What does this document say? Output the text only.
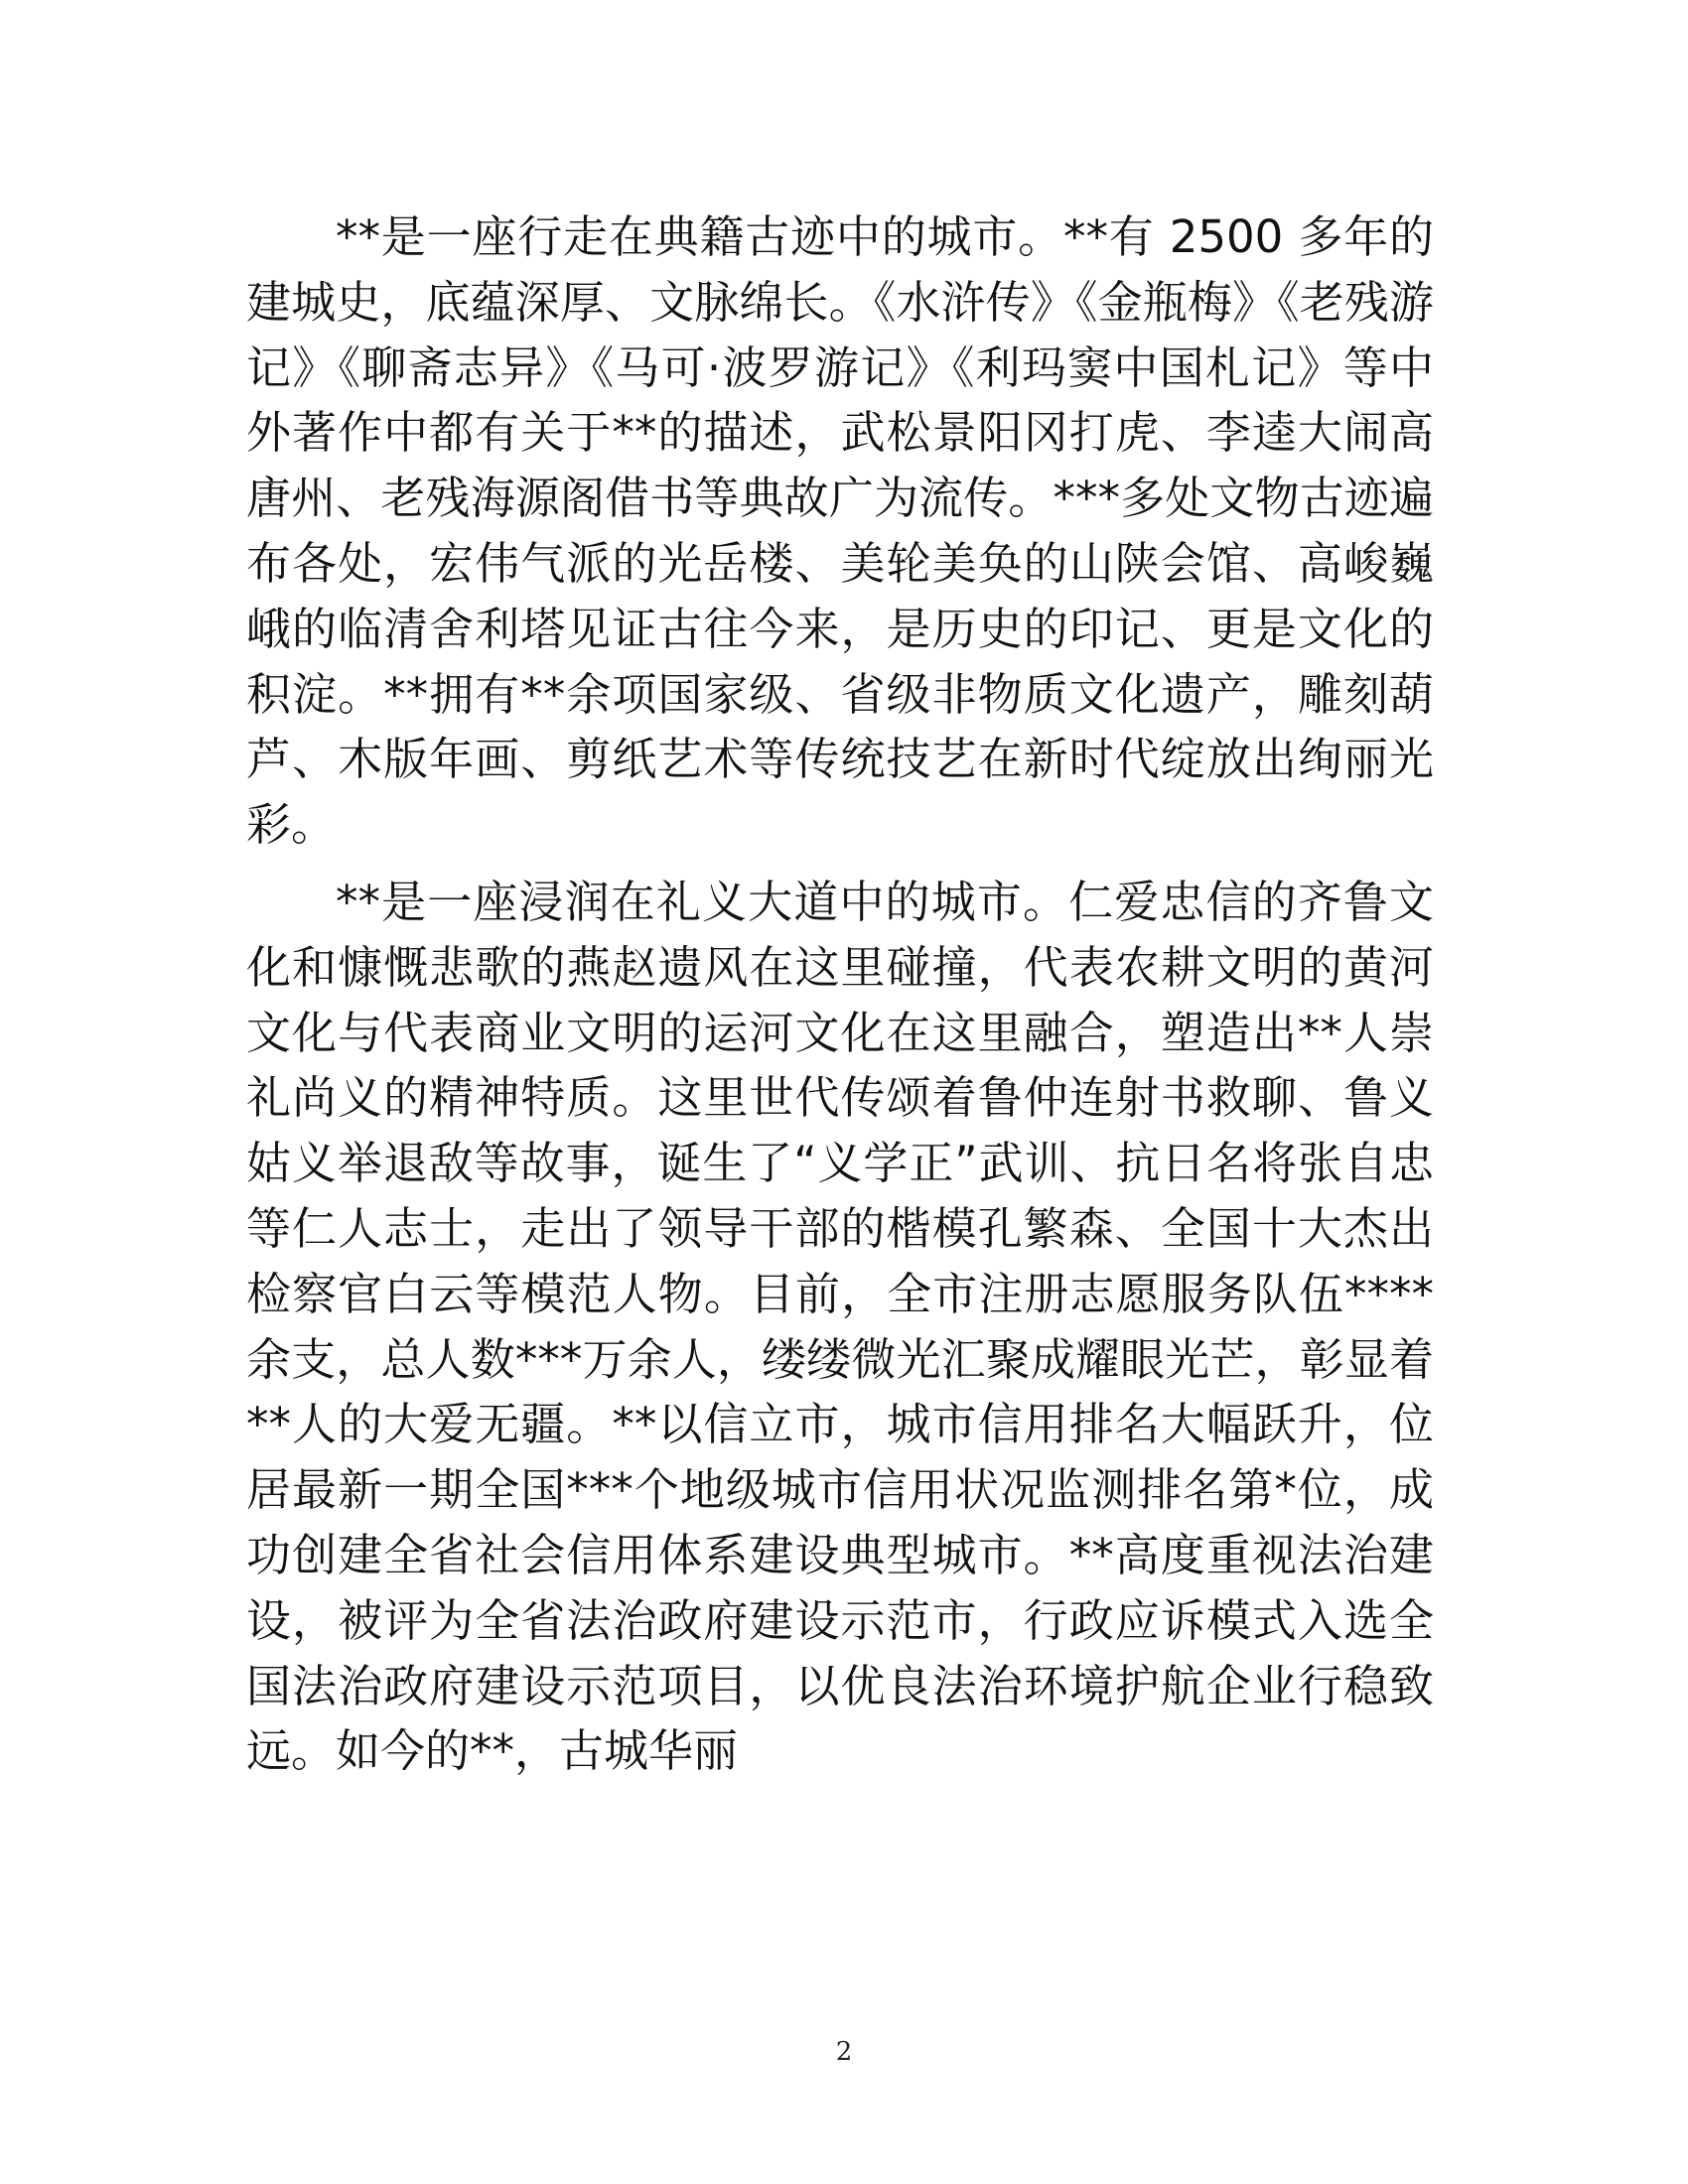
**是一座行走在典籍古迹中的城市。**有 2500 多年的建城史，底蕴深厚、文脉绵长。《水浒传》《金瓶梅》《老残游记》《聊斋志异》《马可·波罗游记》《利玛窦中国札记》等中外著作中都有关于**的描述，武松景阳冈打虎、李逵大闹高唐州、老残海源阁借书等典故广为流传。***多处文物古迹遍布各处，宏伟气派的光岳楼、美轮美奂的山陕会馆、高峻巍峨的临清舍利塔见证古往今来，是历史的印记、更是文化的积淀。**拥有**余项国家级、省级非物质文化遗产，雕刻葫芦、木版年画、剪纸艺术等传统技艺在新时代绽放出绚丽光彩。

**是一座浸润在礼义大道中的城市。仁爱忠信的齐鲁文化和慷慨悲歌的燕赵遗风在这里碰撞，代表农耕文明的黄河文化与代表商业文明的运河文化在这里融合，塑造出**人崇礼尚义的精神特质。这里世代传颂着鲁仲连射书救聊、鲁义姑义举退敌等故事，诞生了“义学正”武训、抗日名将张自忠等仁人志士，走出了领导干部的楷模孔繁森、全国十大杰出检察官白云等模范人物。目前，全市注册志愿服务队伍****余支，总人数***万余人，缕缕微光汇聚成耀眼光芒，彰显着**人的大爱无疆。**以信立市，城市信用排名大幅跃升，位居最新一期全国***个地级城市信用状况监测排名第*位，成功创建全省社会信用体系建设典型城市。**高度重视法治建设，被评为全省法治政府建设示范市，行政应诉模式入选全国法治政府建设示范项目，以优良法治环境护航企业行稳致远。如今的**，古城华丽

2
